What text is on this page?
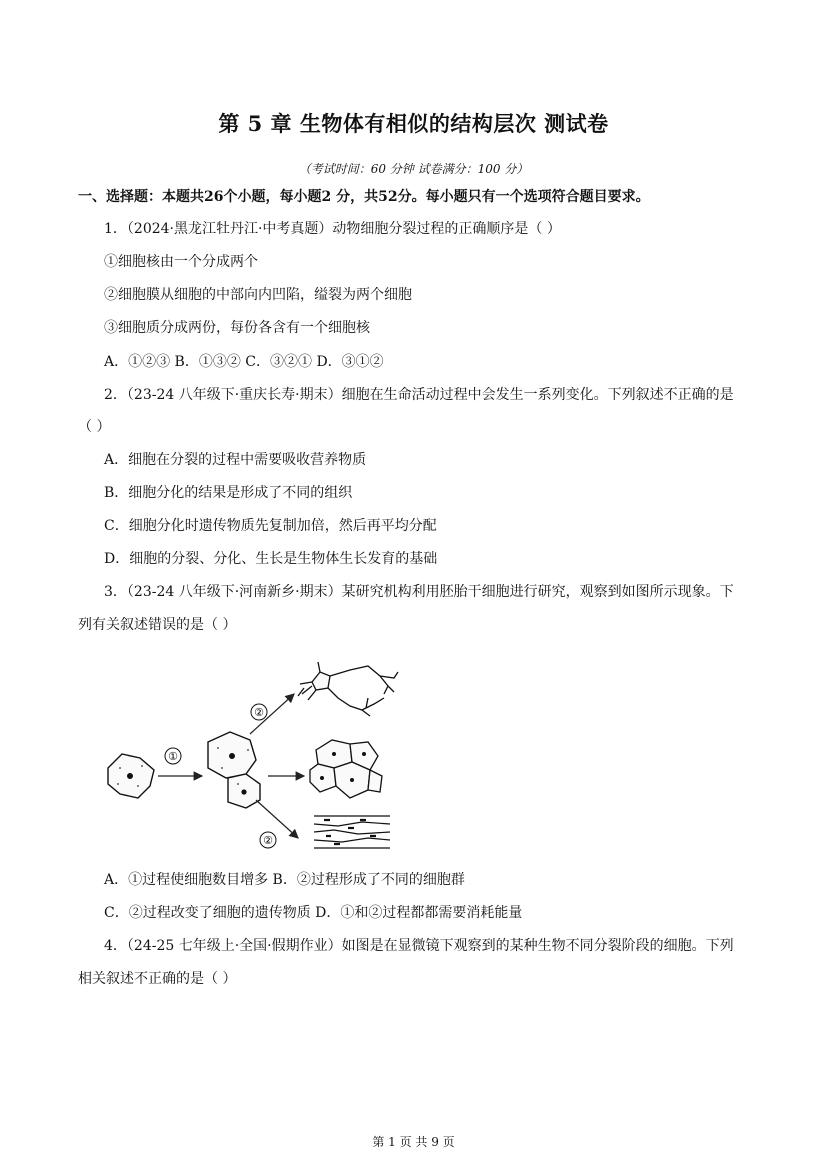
第 5 章 生物体有相似的结构层次 测试卷
（考试时间：60 分钟 试卷满分：100 分）
一、选择题：本题共26个小题，每小题2 分，共52分。每小题只有一个选项符合题目要求。
1．（2024·黑龙江牡丹江·中考真题）动物细胞分裂过程的正确顺序是（ ）
①细胞核由一个分成两个
②细胞膜从细胞的中部向内凹陷，缢裂为两个细胞
③细胞质分成两份，每份各含有一个细胞核
A．①②③ B．①③② C．③②① D．③①②
2．（23-24 八年级下·重庆长寿·期末）细胞在生命活动过程中会发生一系列变化。下列叙述不正确的是
（ ）
A．细胞在分裂的过程中需要吸收营养物质
B．细胞分化的结果是形成了不同的组织
C．细胞分化时遗传物质先复制加倍，然后再平均分配
D．细胞的分裂、分化、生长是生物体生长发育的基础
3．（23-24 八年级下·河南新乡·期末）某研究机构利用胚胎干细胞进行研究，观察到如图所示现象。下
列有关叙述错误的是（ ）
①
②
②
A．①过程使细胞数目增多 B．②过程形成了不同的细胞群
C．②过程改变了细胞的遗传物质 D．①和②过程都都需要消耗能量
4．（24-25 七年级上·全国·假期作业）如图是在显微镜下观察到的某种生物不同分裂阶段的细胞。下列
相关叙述不正确的是（ ）
第 1 页 共 9 页
